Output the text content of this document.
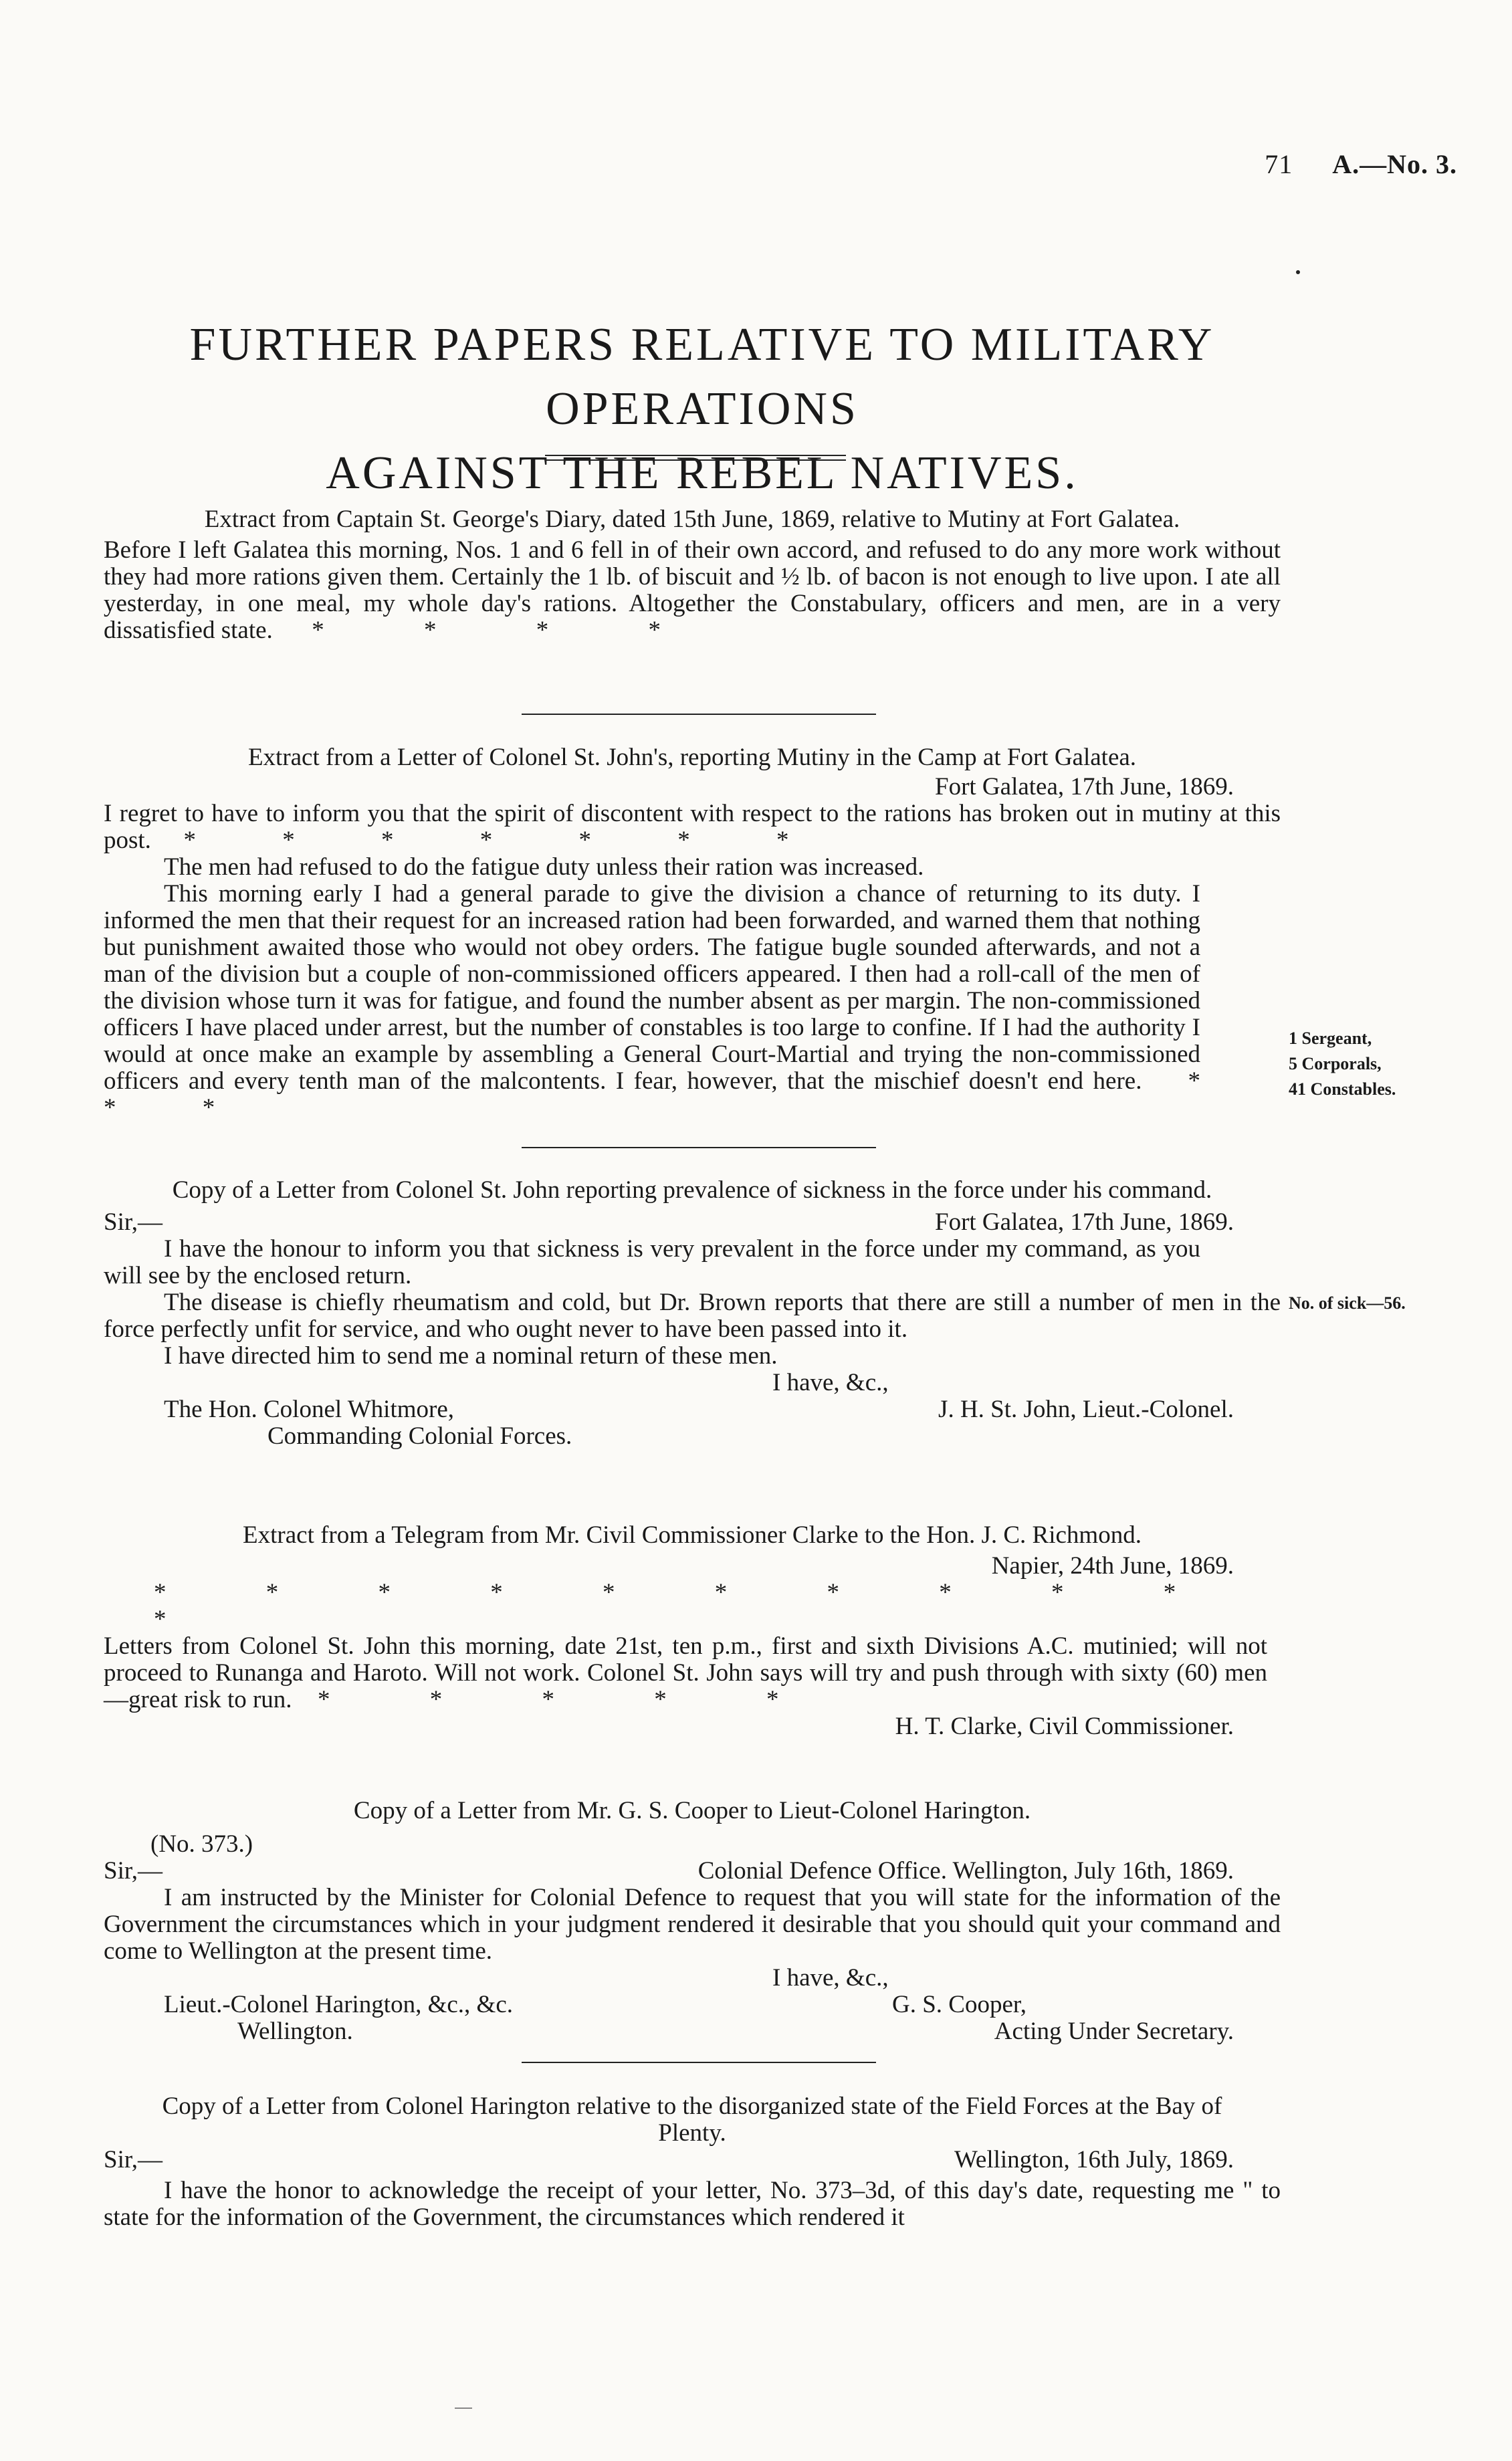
71 A.—No. 3.
FURTHER PAPERS RELATIVE TO MILITARY OPERATIONS
AGAINST THE REBEL NATIVES.
Extract from Captain St. George's Diary, dated 15th June, 1869, relative to Mutiny at Fort Galatea.

Before I left Galatea this morning, Nos. 1 and 6 fell in of their own accord, and refused to do any more work without they had more rations given them. Certainly the 1 lb. of biscuit and ½ lb. of bacon is not enough to live upon. I ate all yesterday, in one meal, my whole day's rations. Altogether the Constabulary, officers and men, are in a very dissatisfied state. * * * *

Extract from a Letter of Colonel St. John's, reporting Mutiny in the Camp at Fort Galatea.
Fort Galatea, 17th June, 1869.

I regret to have to inform you that the spirit of discontent with respect to the rations has broken out in mutiny at this post. * * * * * * *

The men had refused to do the fatigue duty unless their ration was increased.

This morning early I had a general parade to give the division a chance of returning to its duty. I informed the men that their request for an increased ration had been forwarded, and warned them that nothing but punishment awaited those who would not obey orders. The fatigue bugle sounded afterwards, and not a man of the division but a couple of non-commissioned officers appeared. I then had a roll-call of the men of the division whose turn it was for fatigue, and found the number absent as per margin. The non-commissioned officers I have placed under arrest, but the number of constables is too large to confine. If I had the authority I would at once make an example by assembling a General Court-Martial and trying the non-commissioned officers and every tenth man of the malcontents. I fear, however, that the mischief doesn't end here. * * *

1 Sergeant,
5 Corporals,
41 Constables.
Copy of a Letter from Colonel St. John reporting prevalence of sickness in the force under his command.
Sir,—	Fort Galatea, 17th June, 1869.

I have the honour to inform you that sickness is very prevalent in the force under my command, as you will see by the enclosed return.

The disease is chiefly rheumatism and cold, but Dr. Brown reports that there are still a number of men in the force perfectly unfit for service, and who ought never to have been passed into it.

I have directed him to send me a nominal return of these men.

I have, &c.,
The Hon. Colonel Whitmore,	J. H. St. John, Lieut.-Colonel.
Commanding Colonial Forces.
No. of sick—56.
Extract from a Telegram from Mr. Civil Commissioner Clarke to the Hon. J. C. Richmond.
Napier, 24th June, 1869.
* * * * * * * * * * *

Letters from Colonel St. John this morning, date 21st, ten p.m., first and sixth Divisions A.C. mutinied; will not proceed to Runanga and Haroto. Will not work. Colonel St. John says will try and push through with sixty (60) men—great risk to run. * * * * *

H. T. Clarke, Civil Commissioner.
Copy of a Letter from Mr. G. S. Cooper to Lieut-Colonel Harington.
(No. 373.)
Sir,—	Colonial Defence Office. Wellington, July 16th, 1869.

I am instructed by the Minister for Colonial Defence to request that you will state for the information of the Government the circumstances which in your judgment rendered it desirable that you should quit your command and come to Wellington at the present time.

I have, &c.,
Lieut.-Colonel Harington, &c., &c.	G. S. Cooper,
Wellington.	Acting Under Secretary.
Copy of a Letter from Colonel Harington relative to the disorganized state of the Field Forces at the Bay of Plenty.
Sir,—	Wellington, 16th July, 1869.

I have the honor to acknowledge the receipt of your letter, No. 373–3d, of this day's date, requesting me " to state for the information of the Government, the circumstances which rendered it
